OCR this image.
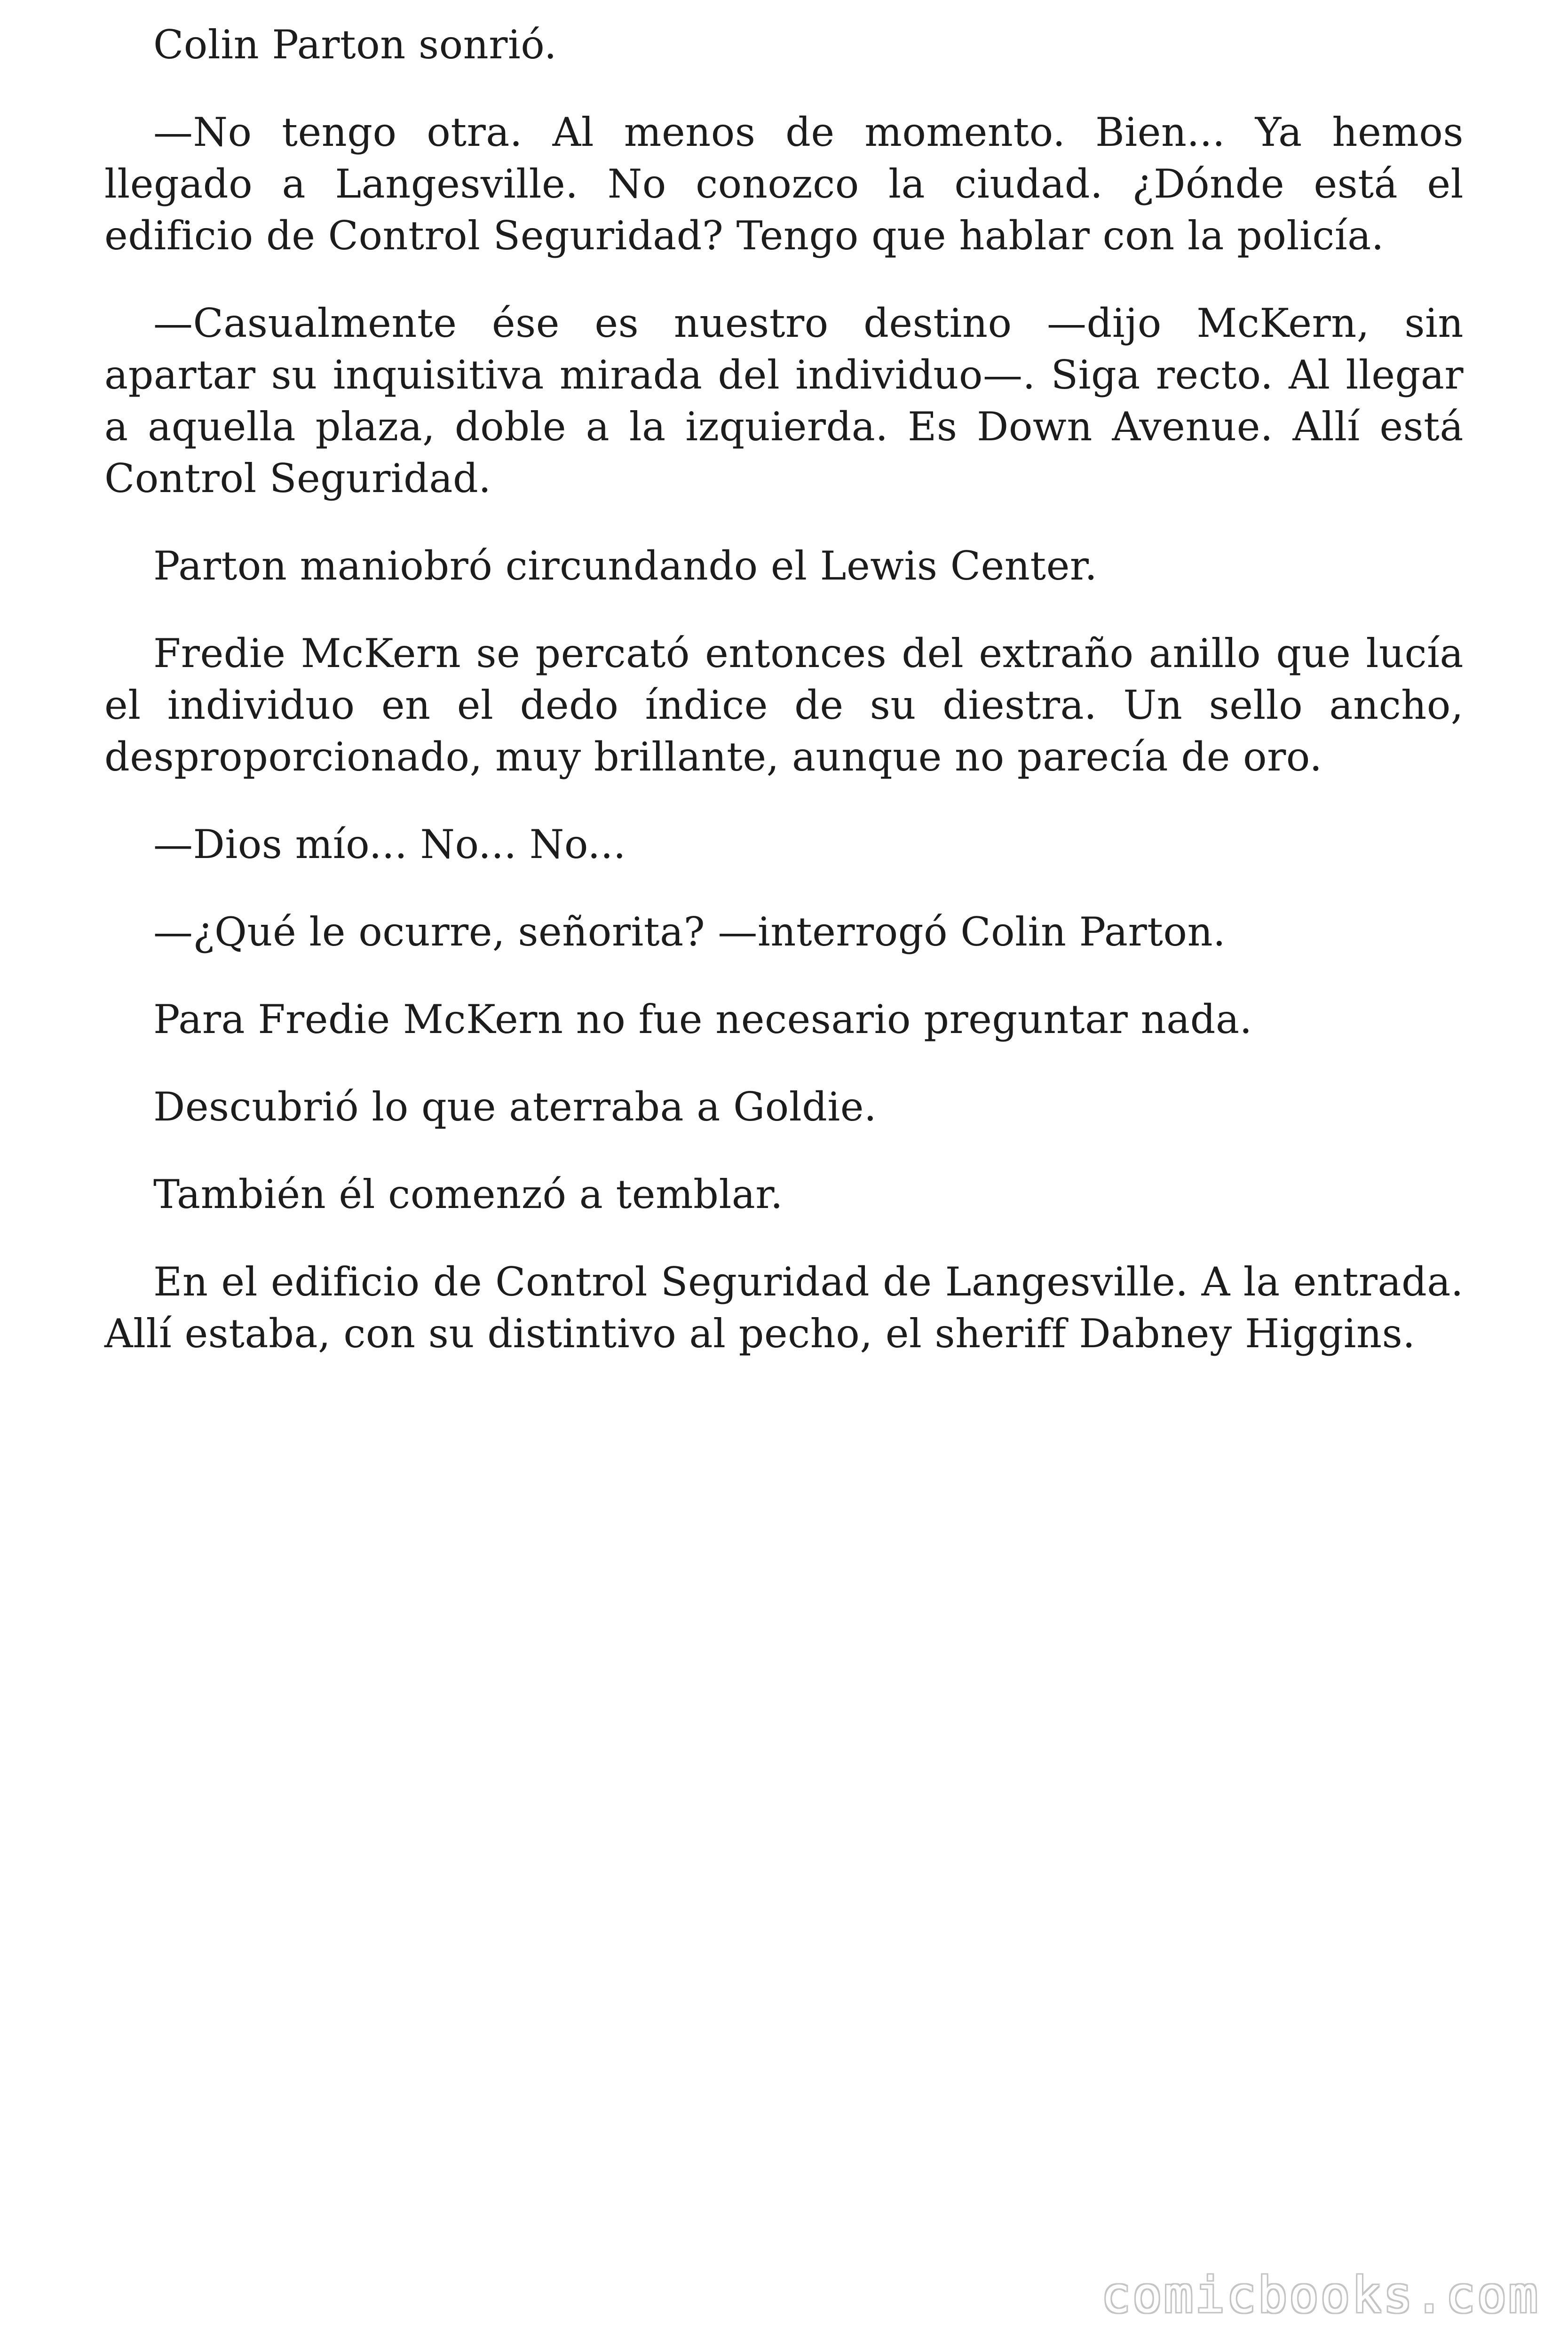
Colin Parton sonrió.

—No tengo otra. Al menos de momento. Bien... Ya hemos llegado a Langesville. No conozco la ciudad. ¿Dónde está el edificio de Control Seguridad? Tengo que hablar con la policía.

—Casualmente ése es nuestro destino —dijo McKern, sin apartar su inquisitiva mirada del individuo—. Siga recto. Al llegar a aquella plaza, doble a la izquierda. Es Down Avenue. Allí está Control Seguridad.

Parton maniobró circundando el Lewis Center.

Fredie McKern se percató entonces del extraño anillo que lucía el individuo en el dedo índice de su diestra. Un sello ancho, desproporcionado, muy brillante, aunque no parecía de oro.

—Dios mío... No... No...

—¿Qué le ocurre, señorita? —interrogó Colin Parton.

Para Fredie McKern no fue necesario preguntar nada.

Descubrió lo que aterraba a Goldie.

También él comenzó a temblar.

En el edificio de Control Seguridad de Langesville. A la entrada. Allí estaba, con su distintivo al pecho, el sheriff Dabney Higgins.

comicbooks.com
